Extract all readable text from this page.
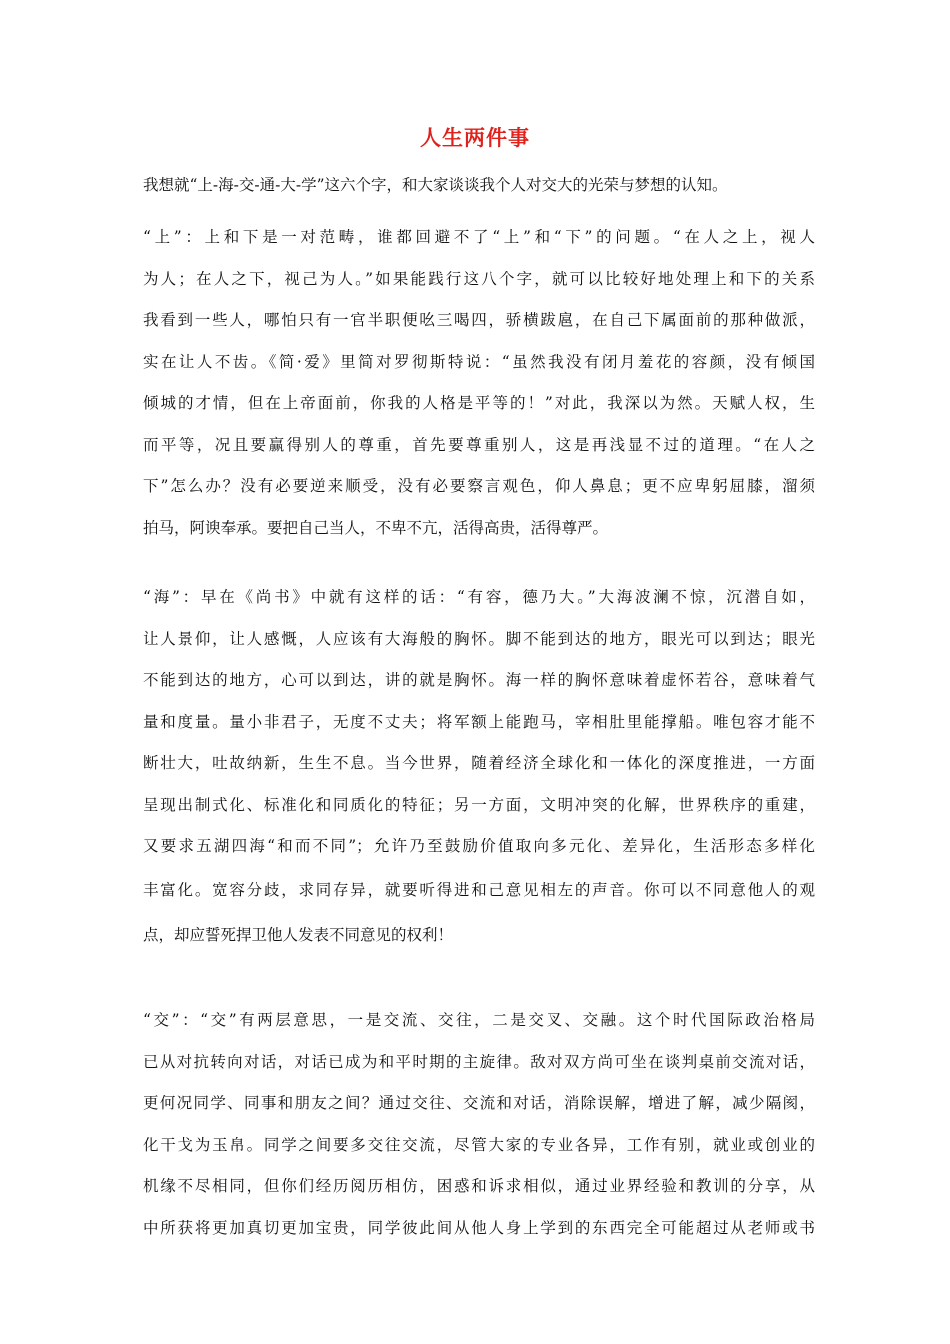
人生两件事
我想就“上-海-交-通-大-学”这六个字，和大家谈谈我个人对交大的光荣与梦想的认知。
“上”：上和下是一对范畴，谁都回避不了“上”和“下”的问题。“在人之上，视人
为人；在人之下，视己为人。”如果能践行这八个字，就可以比较好地处理上和下的关系
我看到一些人，哪怕只有一官半职便吆三喝四，骄横跋扈，在自己下属面前的那种做派，
实在让人不齿。《简·爱》里简对罗彻斯特说：“虽然我没有闭月羞花的容颜，没有倾国
倾城的才情，但在上帝面前，你我的人格是平等的！”对此，我深以为然。天赋人权，生
而平等，况且要赢得别人的尊重，首先要尊重别人，这是再浅显不过的道理。“在人之
下”怎么办？没有必要逆来顺受，没有必要察言观色，仰人鼻息；更不应卑躬屈膝，溜须
拍马，阿谀奉承。要把自己当人，不卑不亢，活得高贵，活得尊严。
“海”：早在《尚书》中就有这样的话：“有容，德乃大。”大海波澜不惊，沉潜自如，
让人景仰，让人感慨，人应该有大海般的胸怀。脚不能到达的地方，眼光可以到达；眼光
不能到达的地方，心可以到达，讲的就是胸怀。海一样的胸怀意味着虚怀若谷，意味着气
量和度量。量小非君子，无度不丈夫；将军额上能跑马，宰相肚里能撑船。唯包容才能不
断壮大，吐故纳新，生生不息。当今世界，随着经济全球化和一体化的深度推进，一方面
呈现出制式化、标准化和同质化的特征；另一方面，文明冲突的化解，世界秩序的重建，
又要求五湖四海“和而不同”；允许乃至鼓励价值取向多元化、差异化，生活形态多样化
丰富化。宽容分歧，求同存异，就要听得进和己意见相左的声音。你可以不同意他人的观
点，却应誓死捍卫他人发表不同意见的权利！
“交”：“交”有两层意思，一是交流、交往，二是交叉、交融。这个时代国际政治格局
已从对抗转向对话，对话已成为和平时期的主旋律。敌对双方尚可坐在谈判桌前交流对话，
更何况同学、同事和朋友之间？通过交往、交流和对话，消除误解，增进了解，减少隔阂，
化干戈为玉帛。同学之间要多交往交流，尽管大家的专业各异，工作有别，就业或创业的
机缘不尽相同，但你们经历阅历相仿，困惑和诉求相似，通过业界经验和教训的分享，从
中所获将更加真切更加宝贵，同学彼此间从他人身上学到的东西完全可能超过从老师或书
